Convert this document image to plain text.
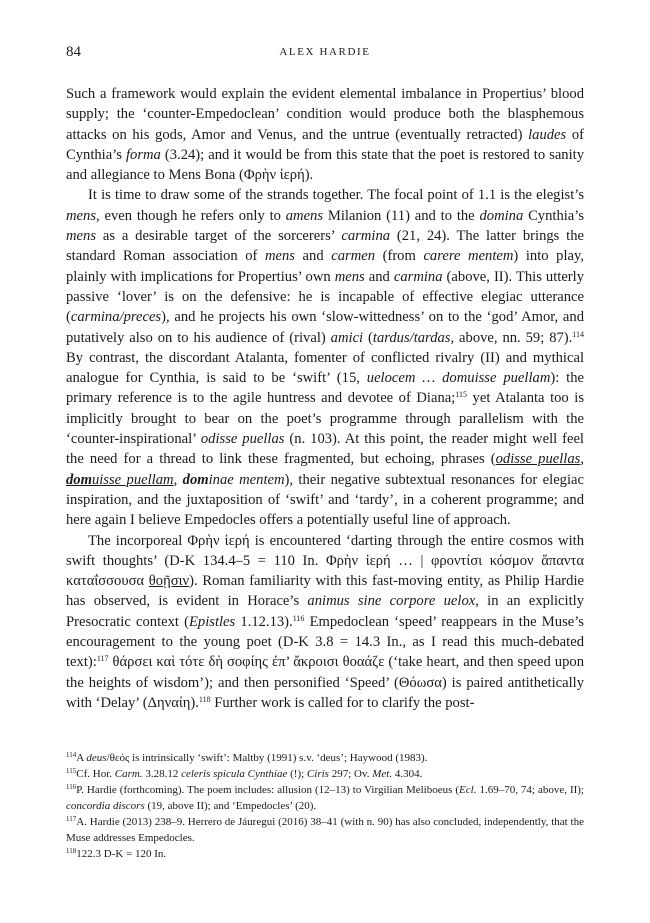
84	ALEX HARDIE

Such a framework would explain the evident elemental imbalance in Propertius’ blood supply; the ‘counter-Empedoclean’ condition would produce both the blasphemous attacks on his gods, Amor and Venus, and the untrue (eventually retracted) laudes of Cynthia’s forma (3.24); and it would be from this state that the poet is restored to sanity and allegiance to Mens Bona (Φρὴν ἱερή).

It is time to draw some of the strands together. The focal point of 1.1 is the elegist’s mens, even though he refers only to amens Milanion (11) and to the domina Cynthia’s mens as a desirable target of the sorcerers’ carmina (21, 24). The latter brings the standard Roman association of mens and carmen (from carere mentem) into play, plainly with implications for Propertius’ own mens and carmina (above, II). This utterly passive ‘lover’ is on the defensive: he is incapable of effective elegiac utterance (carmina/preces), and he projects his own ‘slow-wittedness’ on to the ‘god’ Amor, and putatively also on to his audience of (rival) amici (tardus/tardas, above, nn. 59; 87).$^{114}$ By contrast, the discordant Atalanta, fomenter of conflicted rivalry (II) and mythical analogue for Cynthia, is said to be ‘swift’ (15, uelocem … domuisse puellam): the primary reference is to the agile huntress and devotee of Diana;$^{115}$ yet Atalanta too is implicitly brought to bear on the poet’s programme through parallelism with the ‘counter-inspirational’ odisse puellas (n. 103). At this point, the reader might well feel the need for a thread to link these fragmented, but echoing, phrases (odisse puellas, domuisse puellam, dominae mentem), their negative subtextual resonances for elegiac inspiration, and the juxtaposition of ‘swift’ and ‘tardy’, in a coherent programme; and here again I believe Empedocles offers a potentially useful line of approach.

The incorporeal Φρὴν ἱερή is encountered ‘darting through the entire cosmos with swift thoughts’ (D-K 134.4–5 = 110 In. Φρὴν ἱερή … | φροντίσι κόσμον ἅπαντα καταΐσσουσα θοῇσιν). Roman familiarity with this fast-moving entity, as Philip Hardie has observed, is evident in Horace’s animus sine corpore uelox, in an explicitly Presocratic context (Epistles 1.12.13).$^{116}$ Empedoclean ‘speed’ reappears in the Muse’s encouragement to the young poet (D-K 3.8 = 14.3 In., as I read this much-debated text):$^{117}$ θάρσει καὶ τότε δὴ σοφίης ἐπ’ ἄκροισι θοαάζε (‘take heart, and then speed upon the heights of wisdom’); and then personified ‘Speed’ (Θόωσα) is paired antithetically with ‘Delay’ (Δηναίη).$^{118}$ Further work is called for to clarify the post-

$^{114}$A deus/θεός is intrinsically ‘swift’: Maltby (1991) s.v. ‘deus’; Haywood (1983).

$^{115}$Cf. Hor. Carm. 3.28.12 celeris spicula Cynthiae (!); Ciris 297; Ov. Met. 4.304.

$^{116}$P. Hardie (forthcoming). The poem includes: allusion (12–13) to Virgilian Meliboeus (Ecl. 1.69–70, 74; above, II); concordia discors (19, above II); and ‘Empedocles’ (20).

$^{117}$A. Hardie (2013) 238–9. Herrero de Jáuregui (2016) 38–41 (with n. 90) has also concluded, independently, that the Muse addresses Empedocles.

$^{118}$122.3 D-K = 120 In.
